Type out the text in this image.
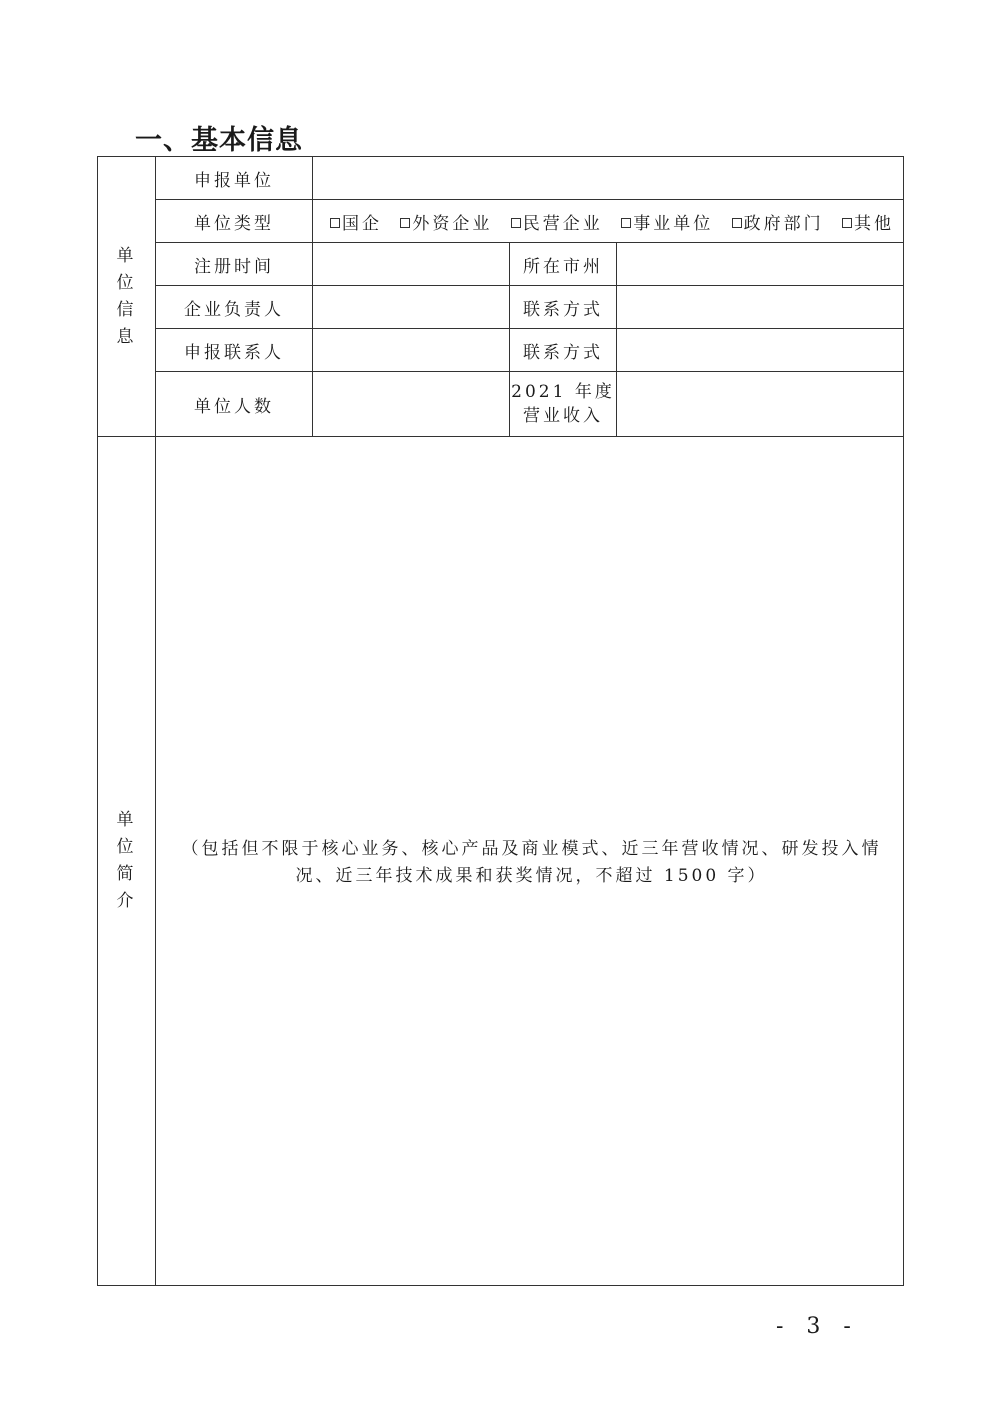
一、基本信息
单
位
信
息	申报单位			
	单位类型	国企 外资企业 民营企业 事业单位 政府部门 其他		
	注册时间		所在市州	
	企业负责人		联系方式	
	申报联系人		联系方式	
	单位人数		2021 年度
营业收入	

单
位
简
介	（包括但不限于核心业务、核心产品及商业模式、近三年营收情况、研发投入情况、近三年技术成果和获奖情况，不超过 1500 字）			
- 3 -
